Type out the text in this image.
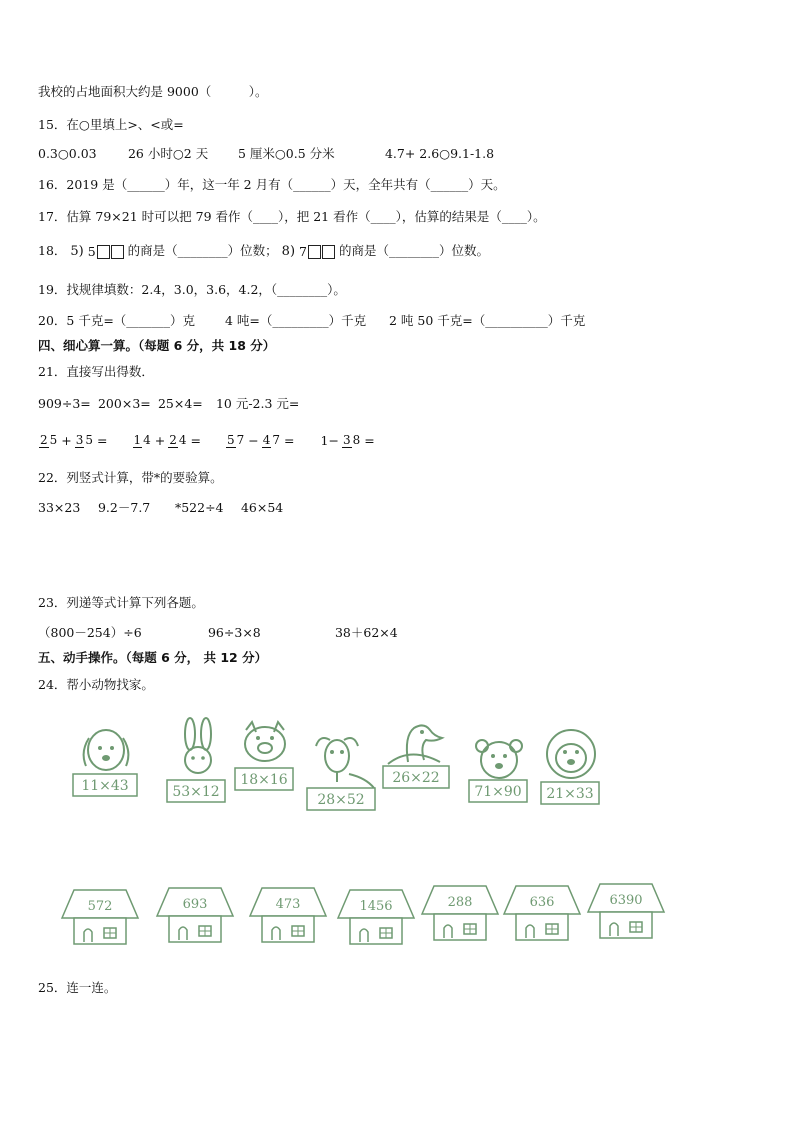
我校的占地面积大约是 9000（　　　）。
15．在○里填上>、<或=
0.3○0.03	26 小时○2 天 5 厘米○0.5 分米	4.7+ 2.6○9.1-1.8
16．2019 是（______）年，这一年 2 月有（______）天，全年共有（______）天。
17．估算 79×21 时可以把 79 看作（____），把 21 看作（____），估算的结果是（____）。
18． 5) 5	的商是（________）位数； 8) 7	的商是（________）位数。
19．找规律填数：2.4，3.0，3.6，4.2，（________）。
20．5 千克=（_______）克 4 吨=（_________）千克 2 吨 50 千克=（__________）千克
四、细心算一算。（每题 6 分，共 18 分）
21．直接写出得数．
909÷3= 200×3= 25×4= 10 元-2.3 元=
2 5 + 3 5 = 1 4 + 2 4 = 5 7 − 4 7 = 1− 3 8 =
22．列竖式计算，带*的要验算。
33×23 9.2－7.7 *522÷4 46×54
23．列递等式计算下列各题。
（800－254）÷6	96÷3×8	38＋62×4
五、动手操作。（每题 6 分， 共 12 分）
24．帮小动物找家。
11×43	53×12
18×16
28×52
26×22
71×90 21×33
572	693	473	1456	288	636	6390
25．连一连。
